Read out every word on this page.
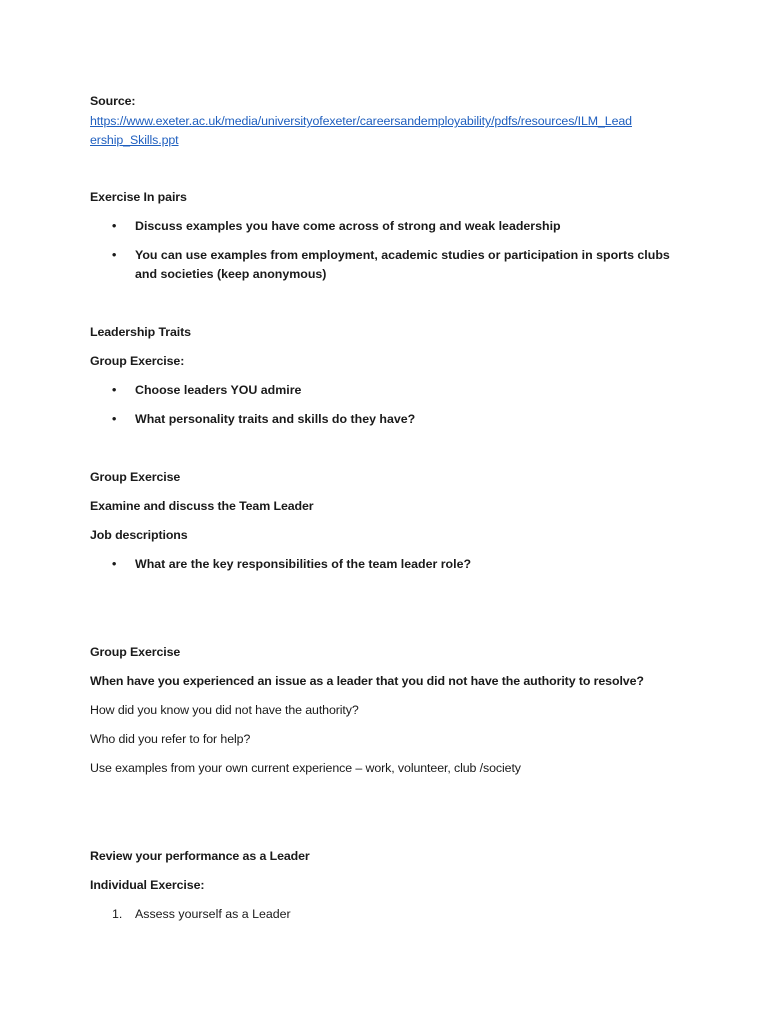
Source:
https://www.exeter.ac.uk/media/universityofexeter/careersandemployability/pdfs/resources/ILM_Lead
ership_Skills.ppt
Exercise In pairs
•	Discuss examples you have come across of strong and weak leadership
•	You can use examples from employment, academic studies or participation in sports clubs and societies (keep anonymous)
Leadership Traits
Group Exercise:
•	Choose leaders YOU admire
•	What personality traits and skills do they have?
Group Exercise
Examine and discuss the Team Leader
Job descriptions
•	What are the key responsibilities of the team leader role?
Group Exercise
When have you experienced an issue as a leader that you did not have the authority to resolve?
How did you know you did not have the authority?
Who did you refer to for help?
Use examples from your own current experience – work, volunteer, club /society
Review your performance as a Leader
Individual Exercise:
1.	Assess yourself as a Leader
